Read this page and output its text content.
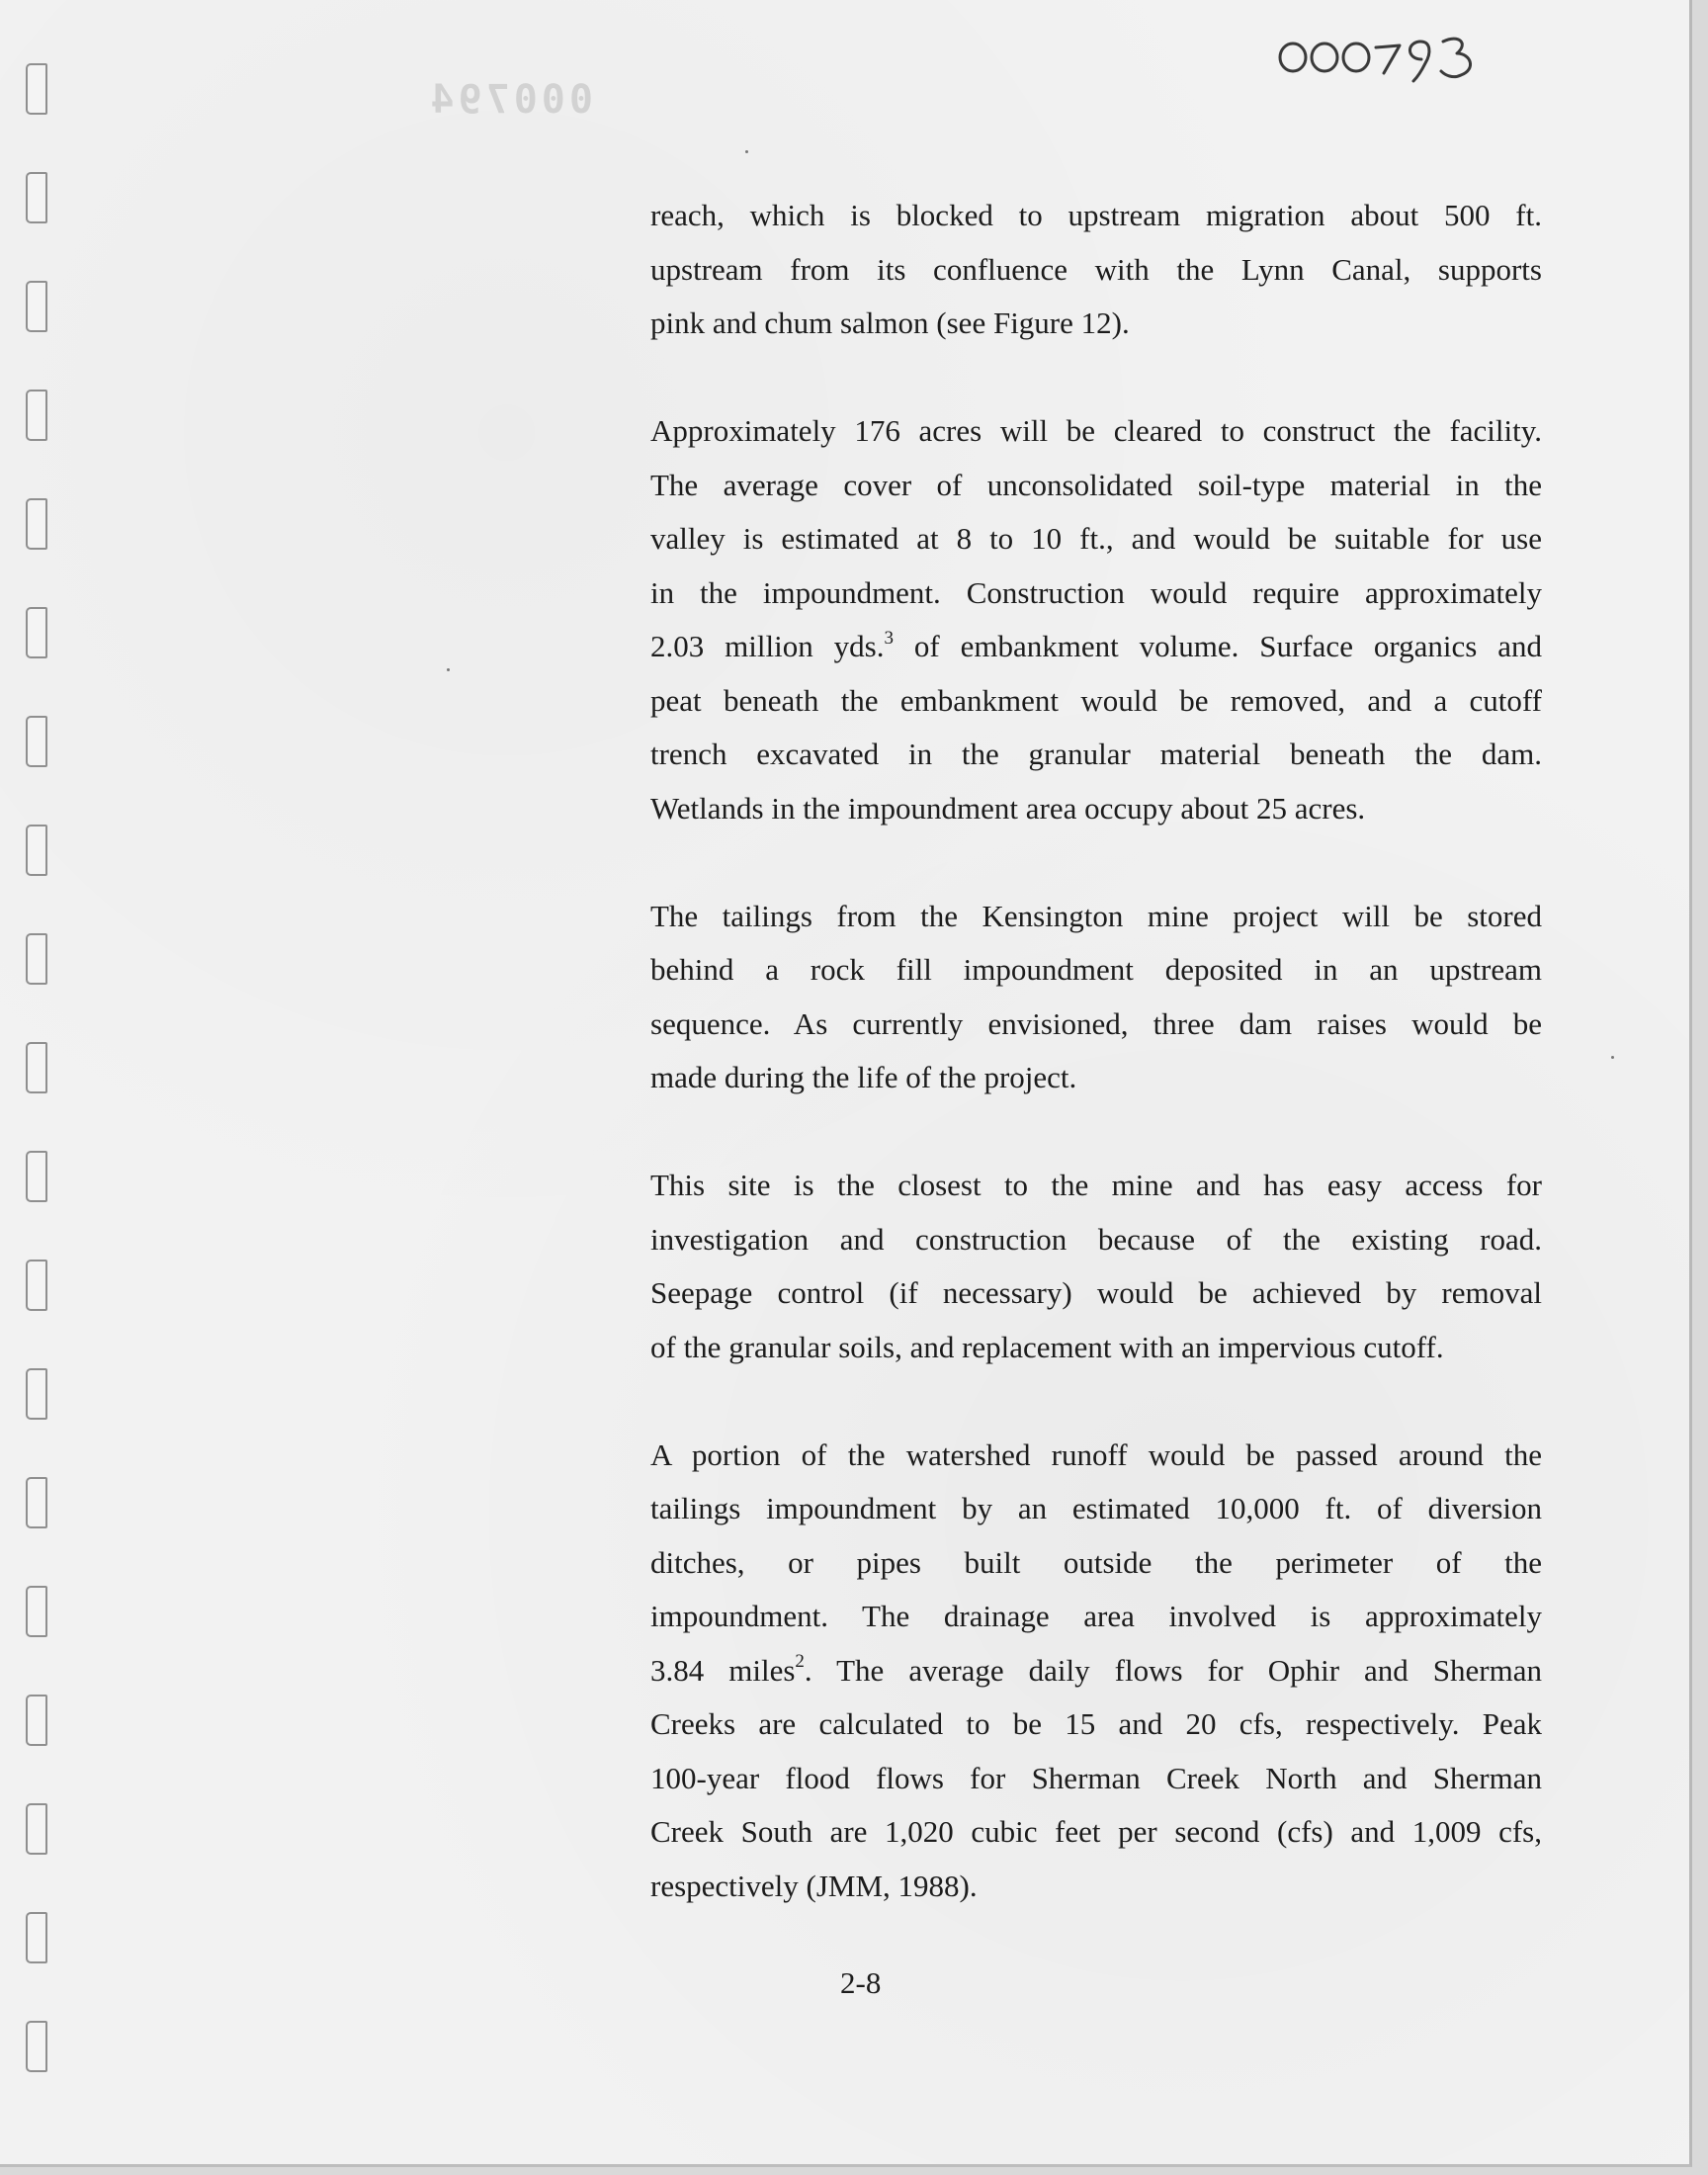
000794

reach, which is blocked to upstream migration about 500 ft.
upstream from its confluence with the Lynn Canal, supports
pink and chum salmon (see Figure 12).

Approximately 176 acres will be cleared to construct the facility.
The average cover of unconsolidated soil-type material in the
valley is estimated at 8 to 10 ft., and would be suitable for use
in the impoundment. Construction would require approximately
2.03 million yds.$^3$ of embankment volume. Surface organics and
peat beneath the embankment would be removed, and a cutoff
trench excavated in the granular material beneath the dam.
Wetlands in the impoundment area occupy about 25 acres.

The tailings from the Kensington mine project will be stored
behind a rock fill impoundment deposited in an upstream
sequence. As currently envisioned, three dam raises would be
made during the life of the project.

This site is the closest to the mine and has easy access for
investigation and construction because of the existing road.
Seepage control (if necessary) would be achieved by removal
of the granular soils, and replacement with an impervious cutoff.

A portion of the watershed runoff would be passed around the
tailings impoundment by an estimated 10,000 ft. of diversion
ditches, or pipes built outside the perimeter of the
impoundment. The drainage area involved is approximately
3.84 miles$^2$. The average daily flows for Ophir and Sherman
Creeks are calculated to be 15 and 20 cfs, respectively. Peak
100-year flood flows for Sherman Creek North and Sherman
Creek South are 1,020 cubic feet per second (cfs) and 1,009 cfs,
respectively (JMM, 1988).

2-8
